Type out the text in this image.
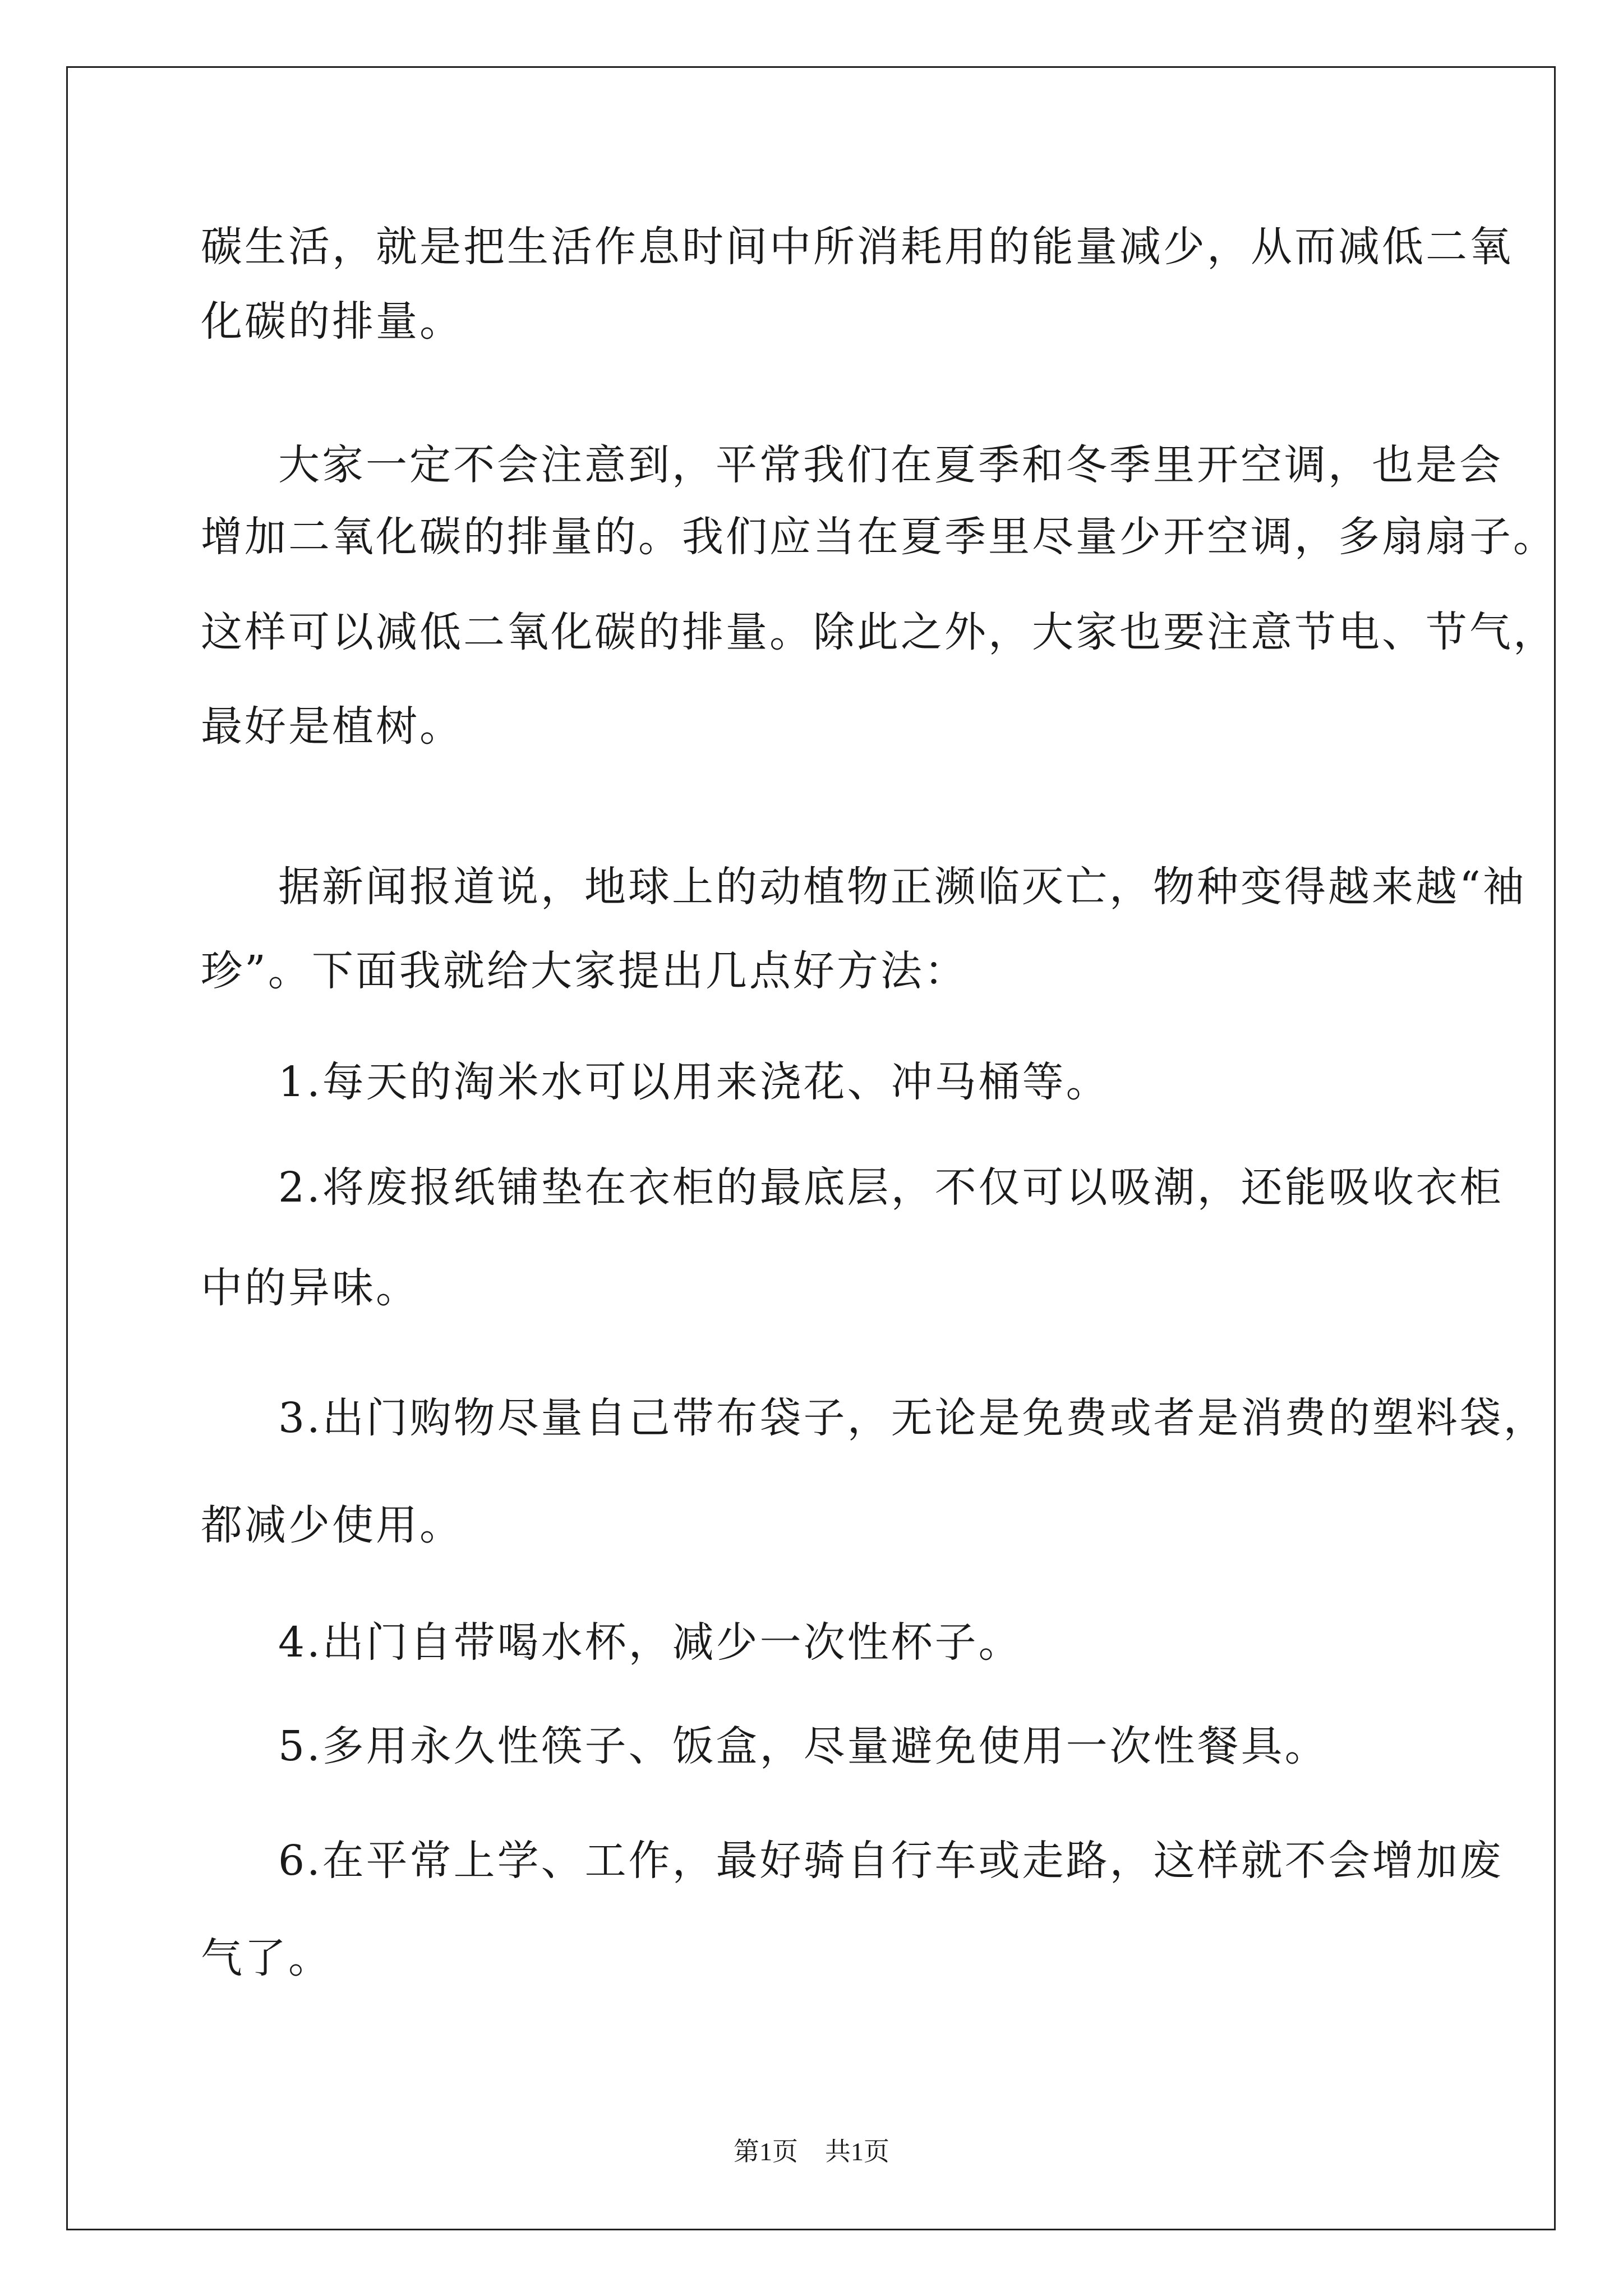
碳生活，就是把生活作息时间中所消耗用的能量减少，从而减低二氧
化碳的排量。
大家一定不会注意到，平常我们在夏季和冬季里开空调，也是会
增加二氧化碳的排量的。我们应当在夏季里尽量少开空调，多扇扇子。
这样可以减低二氧化碳的排量。除此之外，大家也要注意节电、节气，
最好是植树。
据新闻报道说，地球上的动植物正濒临灭亡，物种变得越来越“袖
珍”。下面我就给大家提出几点好方法：
1.每天的淘米水可以用来浇花、冲马桶等。
2.将废报纸铺垫在衣柜的最底层，不仅可以吸潮，还能吸收衣柜
中的异味。
3.出门购物尽量自己带布袋子，无论是免费或者是消费的塑料袋，
都减少使用。
4.出门自带喝水杯，减少一次性杯子。
5.多用永久性筷子、饭盒，尽量避免使用一次性餐具。
6.在平常上学、工作，最好骑自行车或走路，这样就不会增加废
气了。
第1页 共1页
